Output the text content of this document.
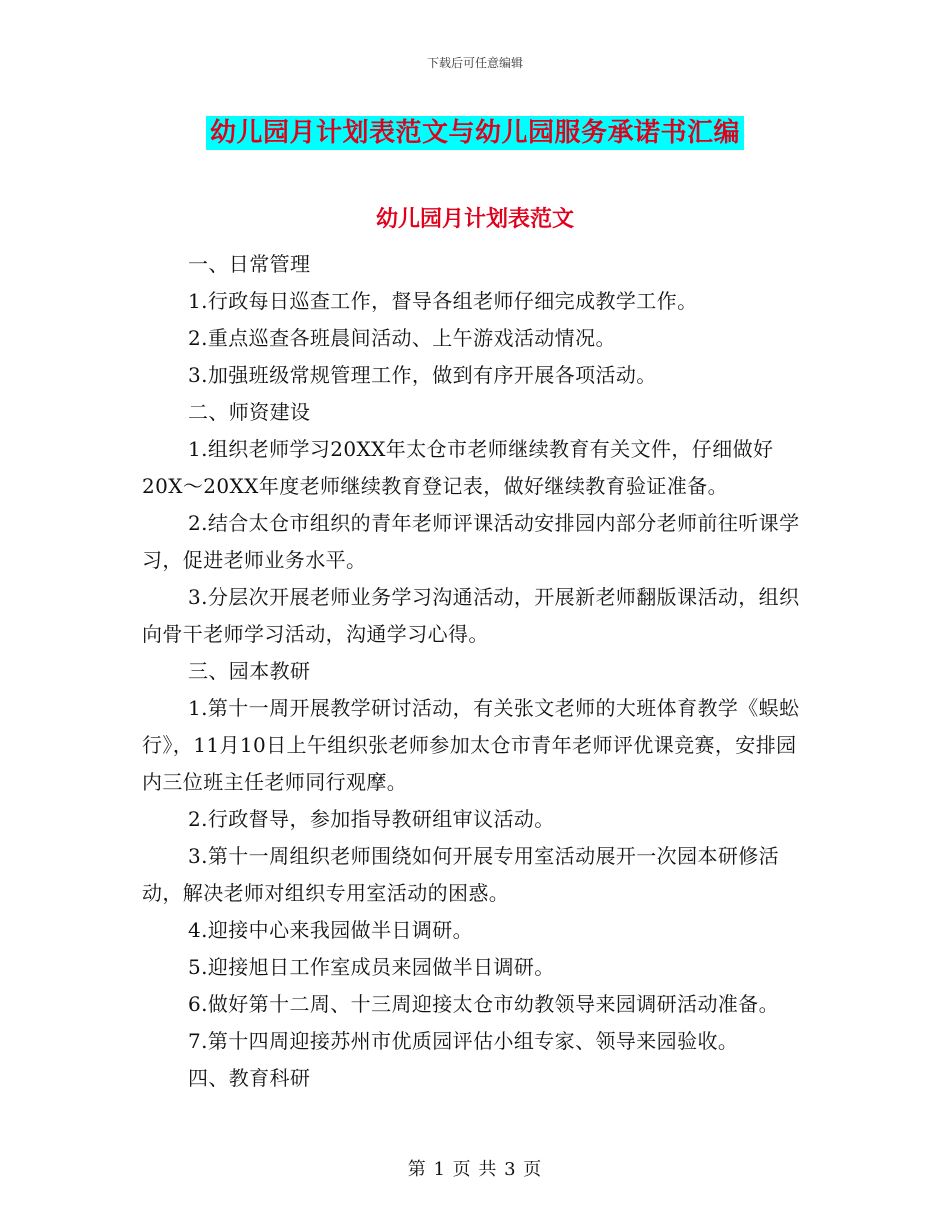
下载后可任意编辑
幼儿园月计划表范文与幼儿园服务承诺书汇编
幼儿园月计划表范文

一、日常管理

1.行政每日巡查工作，督导各组老师仔细完成教学工作。

2.重点巡查各班晨间活动、上午游戏活动情况。

3.加强班级常规管理工作，做到有序开展各项活动。

二、师资建设

1.组织老师学习20XX年太仓市老师继续教育有关文件，仔细做好20X～20XX年度老师继续教育登记表，做好继续教育验证准备。

2.结合太仓市组织的青年老师评课活动安排园内部分老师前往听课学习，促进老师业务水平。

3.分层次开展老师业务学习沟通活动，开展新老师翻版课活动，组织向骨干老师学习活动，沟通学习心得。

三、园本教研

1.第十一周开展教学研讨活动，有关张文老师的大班体育教学《蜈蚣行》，11月10日上午组织张老师参加太仓市青年老师评优课竞赛，安排园内三位班主任老师同行观摩。

2.行政督导，参加指导教研组审议活动。

3.第十一周组织老师围绕如何开展专用室活动展开一次园本研修活动，解决老师对组织专用室活动的困惑。

4.迎接中心来我园做半日调研。

5.迎接旭日工作室成员来园做半日调研。

6.做好第十二周、十三周迎接太仓市幼教领导来园调研活动准备。

7.第十四周迎接苏州市优质园评估小组专家、领导来园验收。

四、教育科研

第 1 页 共 3 页
